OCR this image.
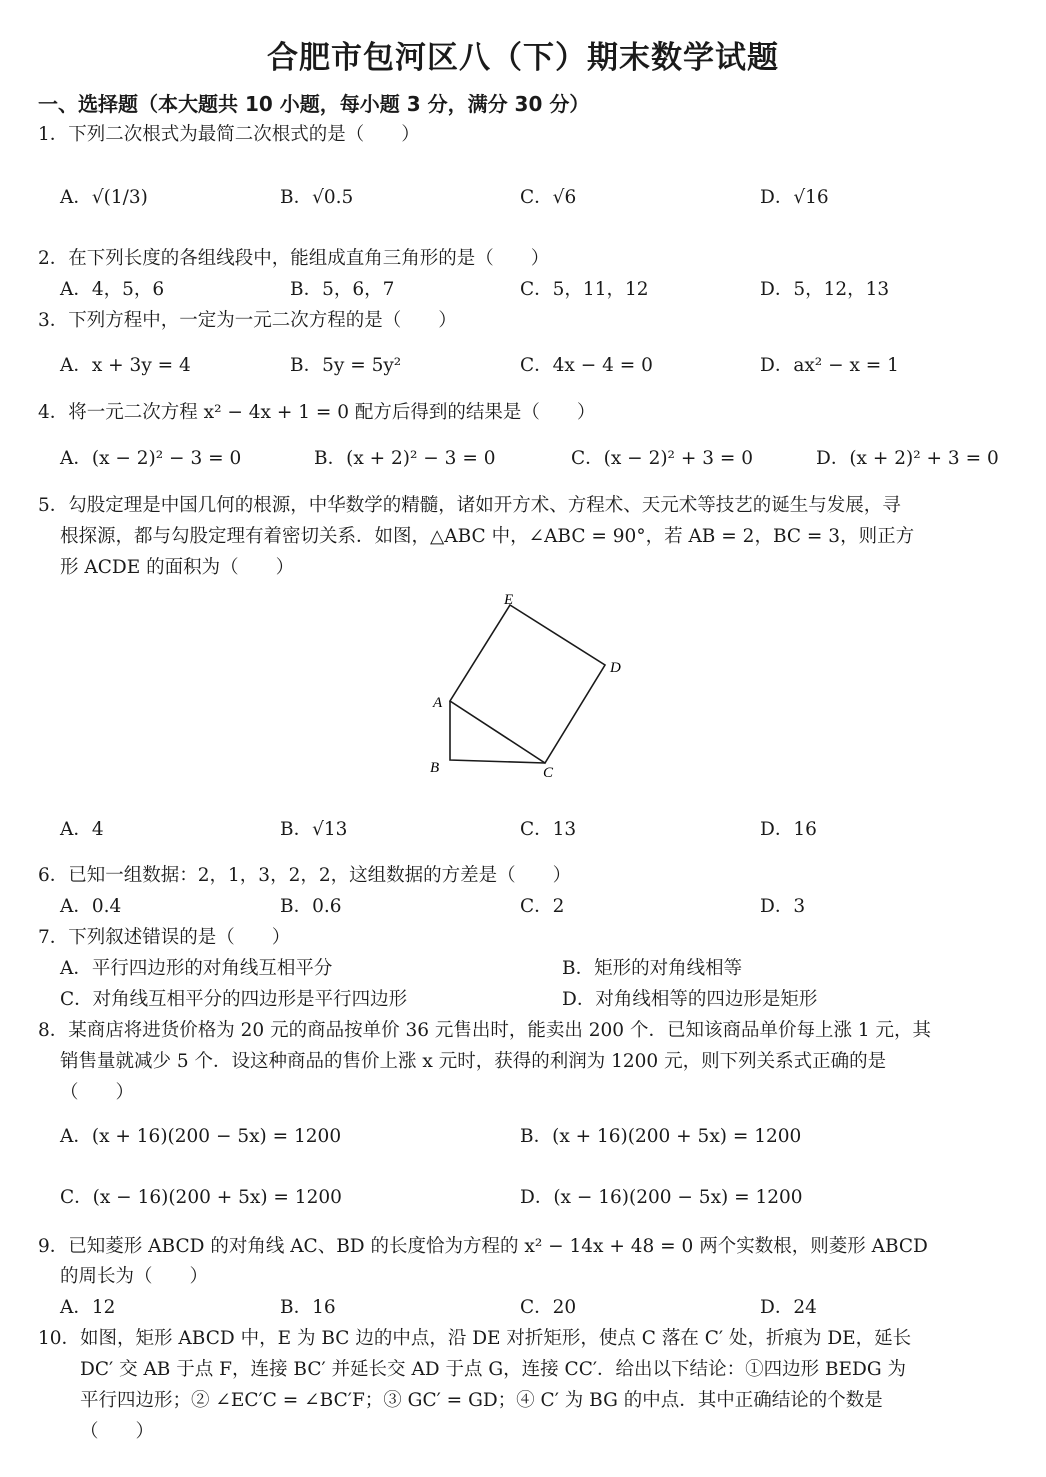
合肥市包河区八（下）期末数学试题
一、选择题（本大题共 10 小题，每小题 3 分，满分 30 分）
1．下列二次根式为最简二次根式的是（　　）
A．√(1/3)	B．√0.5	C．√6	D．√16
2．在下列长度的各组线段中，能组成直角三角形的是（　　）
A．4，5，6	B．5，6，7	C．5，11，12	D．5，12，13
3．下列方程中，一定为一元二次方程的是（　　）
A．x + 3y = 4	B．5y = 5y²	C．4x − 4 = 0	D．ax² − x = 1
4．将一元二次方程 x² − 4x + 1 = 0 配方后得到的结果是（　　）
A．(x − 2)² − 3 = 0	B．(x + 2)² − 3 = 0	C．(x − 2)² + 3 = 0	D．(x + 2)² + 3 = 0
5．勾股定理是中国几何的根源，中华数学的精髓，诸如开方术、方程术、天元术等技艺的诞生与发展，寻
根探源，都与勾股定理有着密切关系．如图，△ABC 中，∠ABC = 90°，若 AB = 2，BC = 3，则正方
形 ACDE 的面积为（　　）
E
D
A
B	C
A．4	B．√13	C．13	D．16
6．已知一组数据：2，1，3，2，2，这组数据的方差是（　　）
A．0.4	B．0.6	C．2	D．3
7．下列叙述错误的是（　　）
A．平行四边形的对角线互相平分	B．矩形的对角线相等
C．对角线互相平分的四边形是平行四边形	D．对角线相等的四边形是矩形
8．某商店将进货价格为 20 元的商品按单价 36 元售出时，能卖出 200 个．已知该商品单价每上涨 1 元，其
销售量就减少 5 个．设这种商品的售价上涨 x 元时，获得的利润为 1200 元，则下列关系式正确的是
（　　）
A．(x + 16)(200 − 5x) = 1200	B．(x + 16)(200 + 5x) = 1200
C．(x − 16)(200 + 5x) = 1200	D．(x − 16)(200 − 5x) = 1200
9．已知菱形 ABCD 的对角线 AC、BD 的长度恰为方程的 x² − 14x + 48 = 0 两个实数根，则菱形 ABCD
的周长为（　　）
A．12	B．16	C．20	D．24
10．如图，矩形 ABCD 中，E 为 BC 边的中点，沿 DE 对折矩形，使点 C 落在 C′ 处，折痕为 DE，延长
DC′ 交 AB 于点 F，连接 BC′ 并延长交 AD 于点 G，连接 CC′．给出以下结论：①四边形 BEDG 为
平行四边形；② ∠EC′C = ∠BC′F；③ GC′ = GD；④ C′ 为 BG 的中点．其中正确结论的个数是
（　　）
